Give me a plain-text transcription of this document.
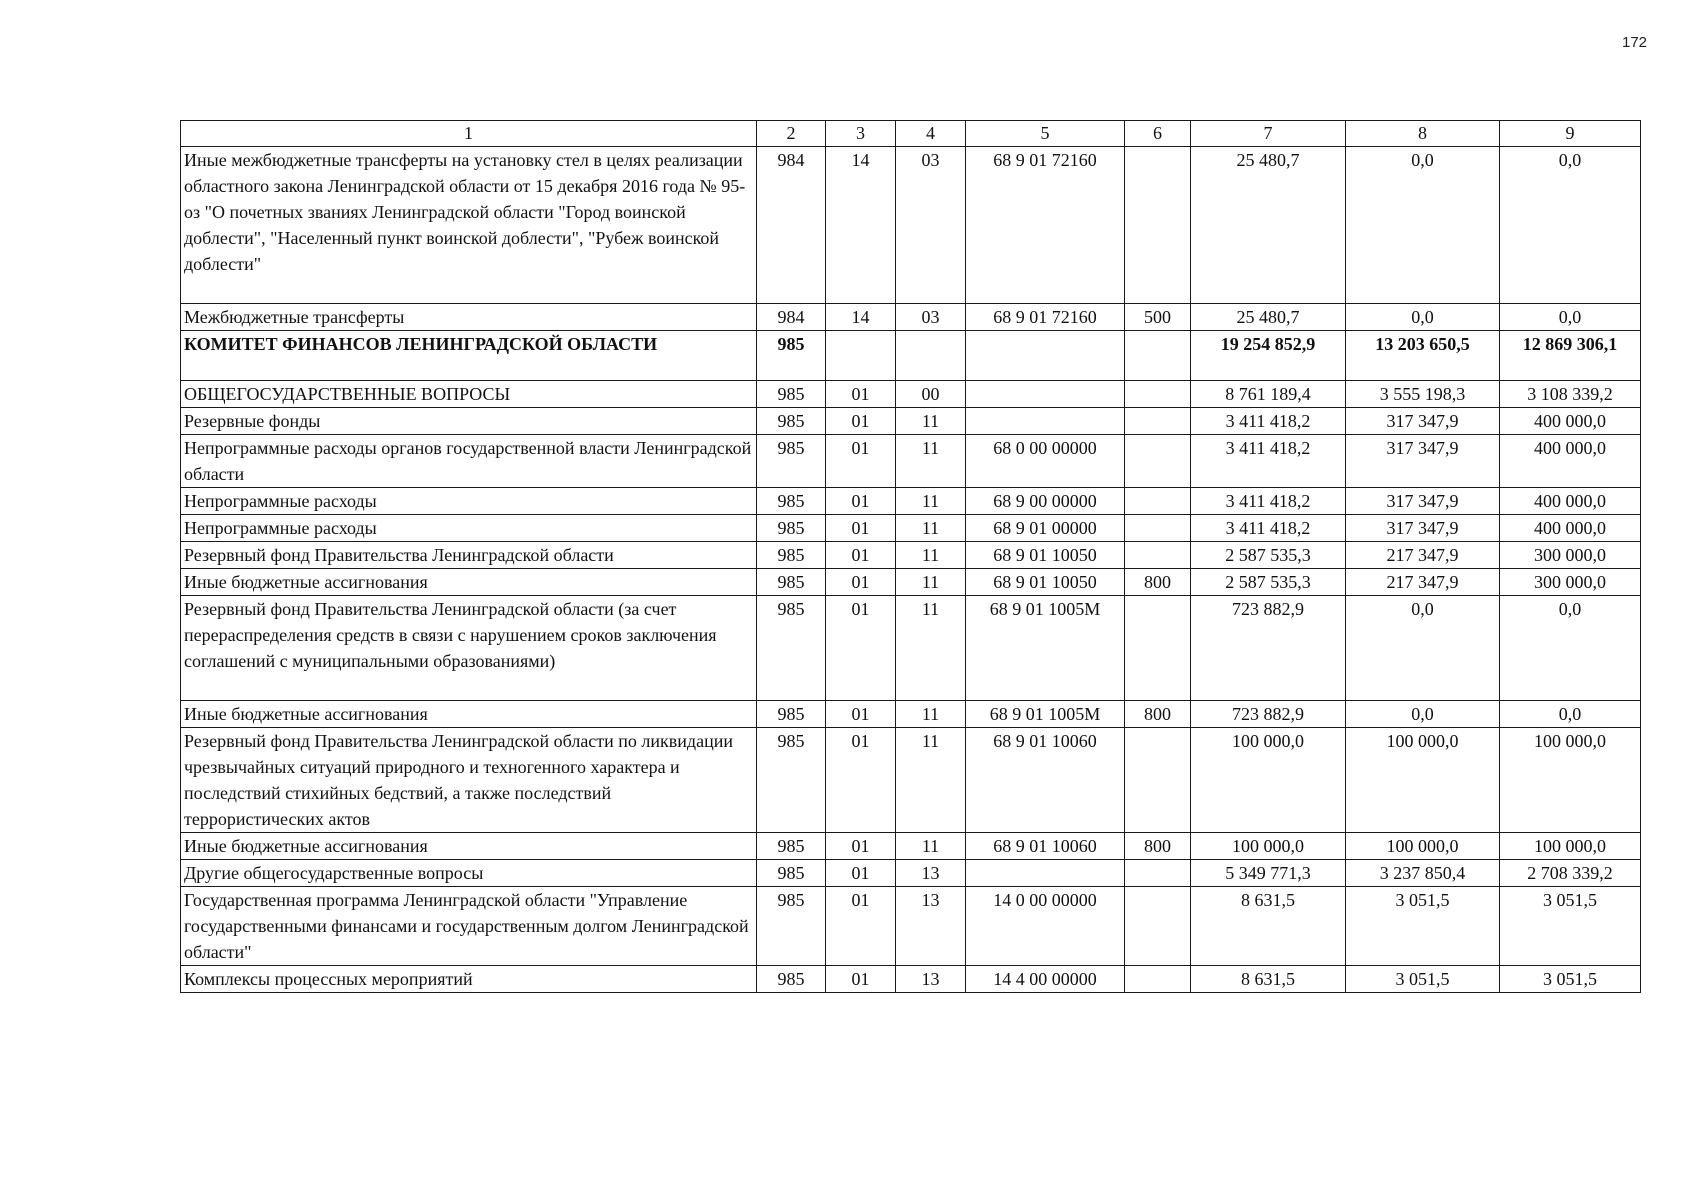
172
1	2	3	4	5	6	7	8	9
Иные межбюджетные трансферты на установку стел в целях реализации областного закона Ленинградской области от 15 декабря 2016 года № 95-оз "О почетных званиях Ленинградской области "Город воинской доблести", "Населенный пункт воинской доблести", "Рубеж воинской доблести"	984	14	03	68 9 01 72160		25 480,7	0,0	0,0
Межбюджетные трансферты	984	14	03	68 9 01 72160	500	25 480,7	0,0	0,0
КОМИТЕТ ФИНАНСОВ ЛЕНИНГРАДСКОЙ ОБЛАСТИ	985					19 254 852,9	13 203 650,5	12 869 306,1
ОБЩЕГОСУДАРСТВЕННЫЕ ВОПРОСЫ	985	01	00			8 761 189,4	3 555 198,3	3 108 339,2
Резервные фонды	985	01	11			3 411 418,2	317 347,9	400 000,0
Непрограммные расходы органов государственной власти Ленинградской области	985	01	11	68 0 00 00000		3 411 418,2	317 347,9	400 000,0
Непрограммные расходы	985	01	11	68 9 00 00000		3 411 418,2	317 347,9	400 000,0
Непрограммные расходы	985	01	11	68 9 01 00000		3 411 418,2	317 347,9	400 000,0
Резервный фонд Правительства Ленинградской области	985	01	11	68 9 01 10050		2 587 535,3	217 347,9	300 000,0
Иные бюджетные ассигнования	985	01	11	68 9 01 10050	800	2 587 535,3	217 347,9	300 000,0
Резервный фонд Правительства Ленинградской области (за счет перераспределения средств в связи с нарушением сроков заключения соглашений с муниципальными образованиями)	985	01	11	68 9 01 1005М		723 882,9	0,0	0,0
Иные бюджетные ассигнования	985	01	11	68 9 01 1005М	800	723 882,9	0,0	0,0
Резервный фонд Правительства Ленинградской области по ликвидации чрезвычайных ситуаций природного и техногенного характера и последствий стихийных бедствий, а также последствий террористических актов	985	01	11	68 9 01 10060		100 000,0	100 000,0	100 000,0
Иные бюджетные ассигнования	985	01	11	68 9 01 10060	800	100 000,0	100 000,0	100 000,0
Другие общегосударственные вопросы	985	01	13			5 349 771,3	3 237 850,4	2 708 339,2
Государственная программа Ленинградской области "Управление государственными финансами и государственным долгом Ленинградской области"	985	01	13	14 0 00 00000		8 631,5	3 051,5	3 051,5
Комплексы процессных мероприятий	985	01	13	14 4 00 00000		8 631,5	3 051,5	3 051,5
